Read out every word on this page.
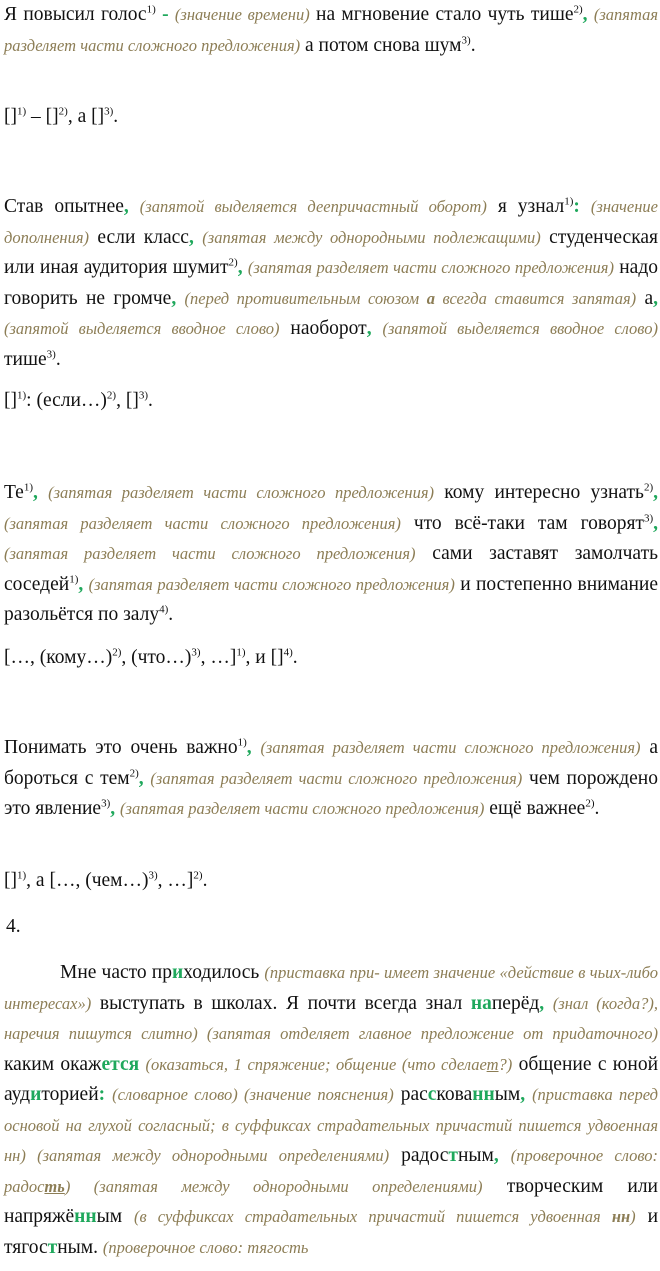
Я повысил голос$^{1)}$ - (значение времени) на мгновение стало чуть тише$^{2)}$, (запятая разделяет части сложного предложения) а потом снова шум$^{3)}$.

[]$^{1)}$ – []$^{2)}$, а []$^{3)}$.

Став опытнее, (запятой выделяется деепричастный оборот) я узнал$^{1)}$: (значение дополнения) если класс, (запятая между однородными подлежащими) студенческая или иная аудитория шумит$^{2)}$, (запятая разделяет части сложного предложения) надо говорить не громче, (перед противительным союзом а всегда ставится запятая) а, (запятой выделяется вводное слово) наоборот, (запятой выделяется вводное слово) тише$^{3)}$.

[]$^{1)}$: (если…)$^{2)}$, []$^{3)}$.

$Те^{1)}$, (запятая разделяет части сложного предложения) кому интересно узнать$^{2)}$, (запятая разделяет части сложного предложения) что всё-таки там говорят$^{3)}$, (запятая разделяет части сложного предложения) сами заставят замолчать соседей$^{1)}$, (запятая разделяет части сложного предложения) и постепенно внимание разольётся по залу$^{4)}$.

[…, (кому…)$^{2)}$, (что…)$^{3)}$, …]$^{1)}$, и []$^{4)}$.

Понимать это очень важно$^{1)}$, (запятая разделяет части сложного предложения) а бороться с тем$^{2)}$, (запятая разделяет части сложного предложения) чем порождено это явление$^{3)}$, (запятая разделяет части сложного предложения) ещё важнее$^{2)}$.

[]$^{1)}$, а […, (чем…)$^{3)}$, …]$^{2)}$.

4.

Мне часто приходилось (приставка при- имеет значение «действие в чьих-либо интересах») выступать в школах. Я почти всегда знал наперёд, (знал (когда?), наречия пишутся слитно) (запятая отделяет главное предложение от придаточного) каким окажется (оказаться, 1 спряжение; общение (что сделает?) общение с юной аудиторией: (словарное слово) (значение пояснения) расскованным, (приставка перед основой на глухой согласный; в суффиксах страдательных причастий пишется удвоенная нн) (запятая между однородными определениями) радостным, (проверочное слово: радость) (запятая между однородными определениями) творческим или напряжённым (в суффиксах страдательных причастий пишется удвоенная нн) и тягостным. (проверочное слово: тягость
